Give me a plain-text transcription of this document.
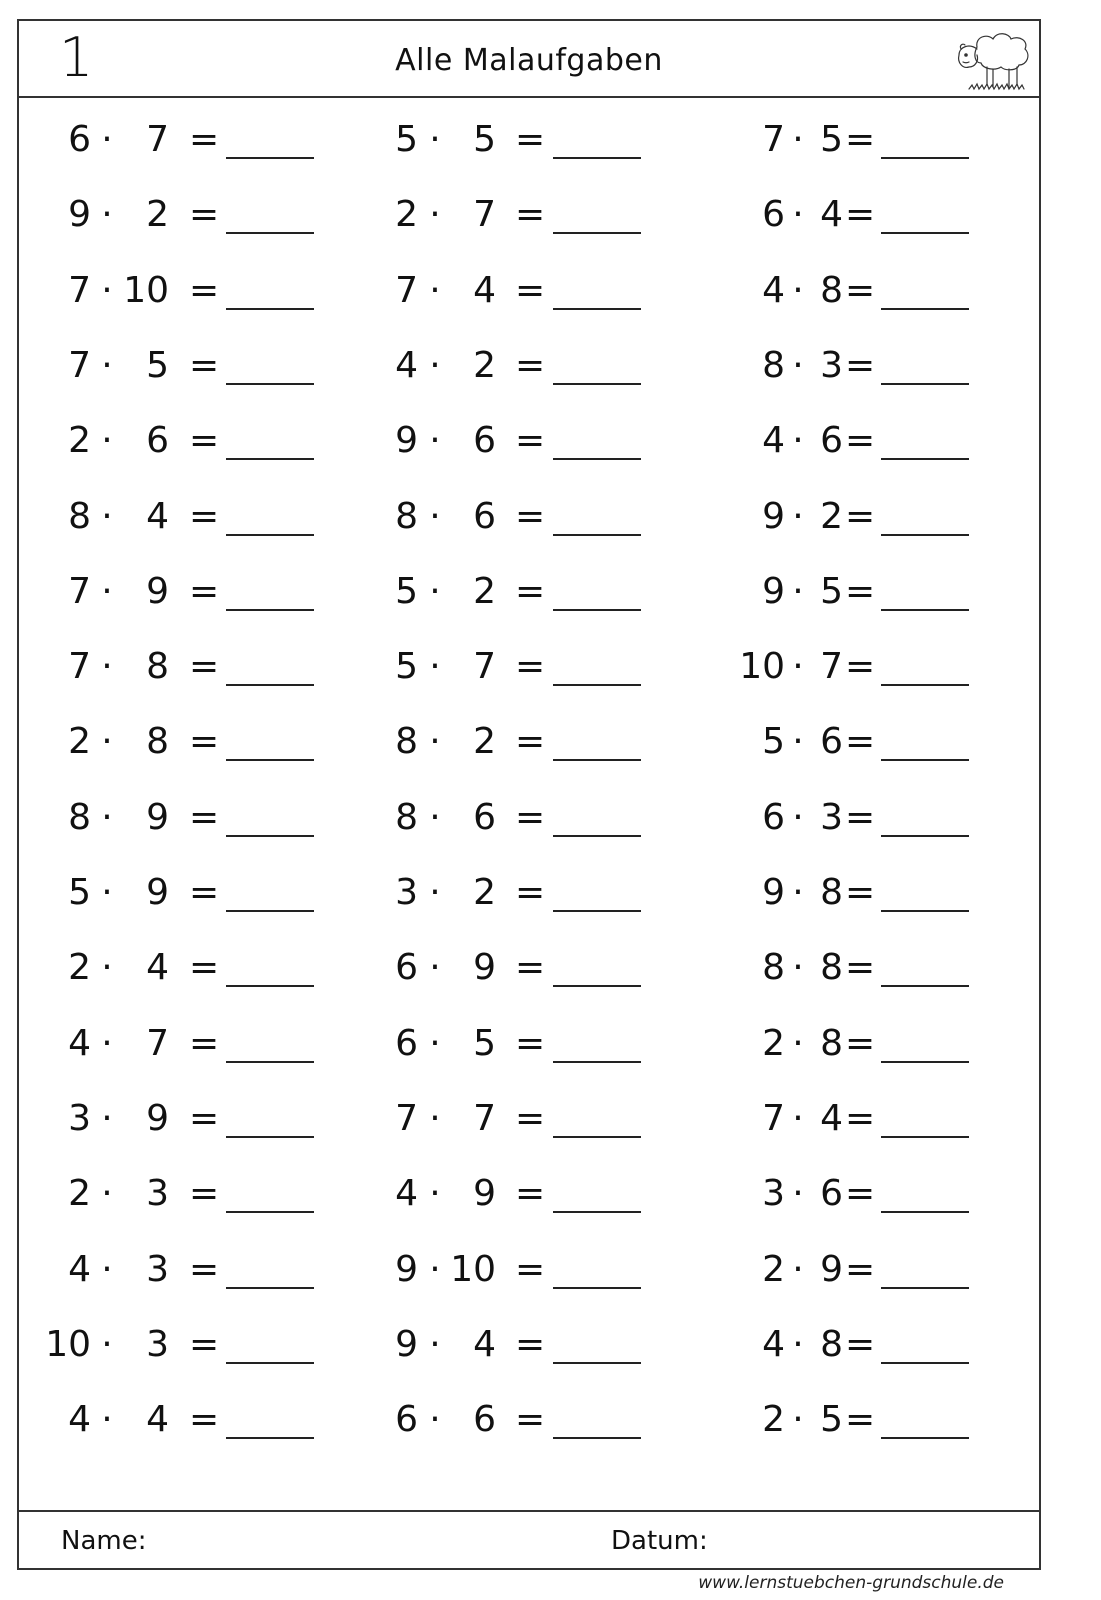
1	Alle Malaufgaben
6 · 7 =	5 · 5 =	7 · 5 =
9 · 2 =	2 · 7 =	6 · 4 =
7 · 10 =	7 · 4 =	4 · 8 =
7 · 5 =	4 · 2 =	8 · 3 =
2 · 6 =	9 · 6 =	4 · 6 =
8 · 4 =	8 · 6 =	9 · 2 =
7 · 9 =	5 · 2 =	9 · 5 =
7 · 8 =	5 · 7 =	10 · 7 =
2 · 8 =	8 · 2 =	5 · 6 =
8 · 9 =	8 · 6 =	6 · 3 =
5 · 9 =	3 · 2 =	9 · 8 =
2 · 4 =	6 · 9 =	8 · 8 =
4 · 7 =	6 · 5 =	2 · 8 =
3 · 9 =	7 · 7 =	7 · 4 =
2 · 3 =	4 · 9 =	3 · 6 =
4 · 3 =	9 · 10 =	2 · 9 =
10 · 3 =	9 · 4 =	4 · 8 =
4 · 4 =	6 · 6 =	2 · 5 =
Name:	Datum:
www.lernstuebchen-grundschule.de
